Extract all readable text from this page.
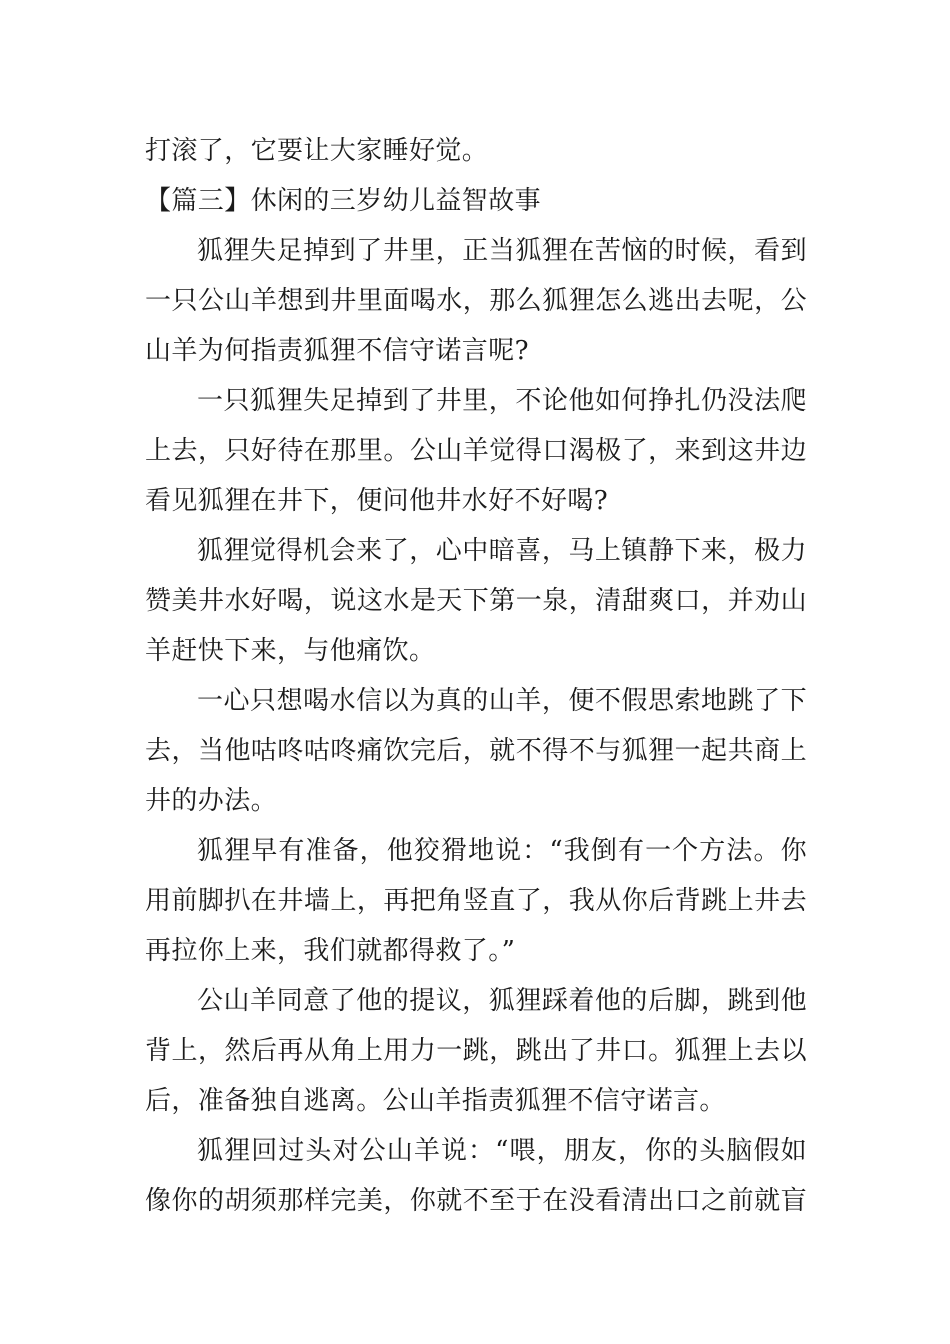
打滚了，它要让大家睡好觉。
【篇三】休闲的三岁幼儿益智故事
狐狸失足掉到了井里，正当狐狸在苦恼的时候，看到
一只公山羊想到井里面喝水，那么狐狸怎么逃出去呢，公
山羊为何指责狐狸不信守诺言呢?
一只狐狸失足掉到了井里，不论他如何挣扎仍没法爬
上去，只好待在那里。公山羊觉得口渴极了，来到这井边
看见狐狸在井下，便问他井水好不好喝?
狐狸觉得机会来了，心中暗喜，马上镇静下来，极力
赞美井水好喝，说这水是天下第一泉，清甜爽口，并劝山
羊赶快下来，与他痛饮。
一心只想喝水信以为真的山羊，便不假思索地跳了下
去，当他咕咚咕咚痛饮完后，就不得不与狐狸一起共商上
井的办法。
狐狸早有准备，他狡猾地说：“我倒有一个方法。你
用前脚扒在井墙上，再把角竖直了，我从你后背跳上井去
再拉你上来，我们就都得救了。”
公山羊同意了他的提议，狐狸踩着他的后脚，跳到他
背上，然后再从角上用力一跳，跳出了井口。狐狸上去以
后，准备独自逃离。公山羊指责狐狸不信守诺言。
狐狸回过头对公山羊说：“喂，朋友，你的头脑假如
像你的胡须那样完美，你就不至于在没看清出口之前就盲
